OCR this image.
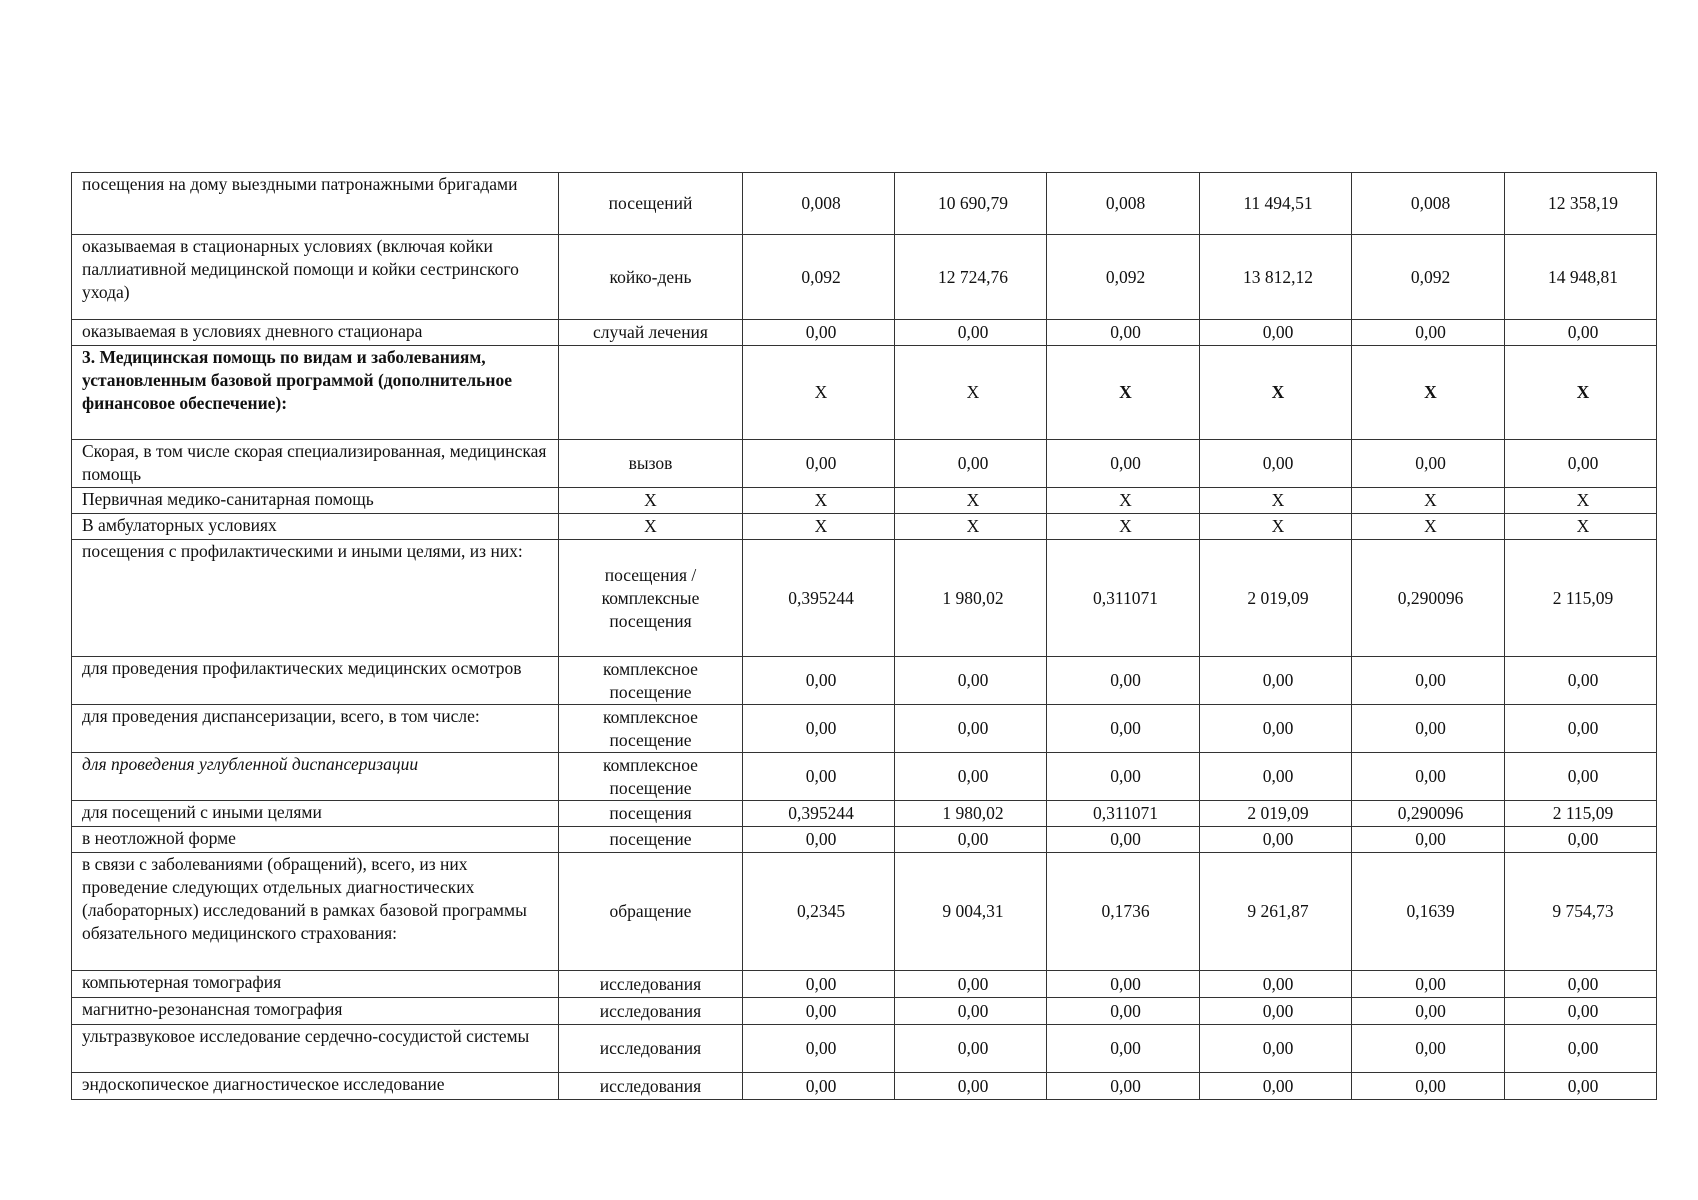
посещения на дому выездными патронажными бригадами	посещений	0,008	10 690,79	0,008	11 494,51	0,008	12 358,19
оказываемая в стационарных условиях (включая койки паллиативной медицинской помощи и койки сестринского ухода)	койко-день	0,092	12 724,76	0,092	13 812,12	0,092	14 948,81
оказываемая в условиях дневного стационара	случай лечения	0,00	0,00	0,00	0,00	0,00	0,00
3. Медицинская помощь по видам и заболеваниям, установленным базовой программой (дополнительное финансовое обеспечение):		Х	Х	Х	Х	Х	Х
Скорая, в том числе скорая специализированная, медицинская помощь	вызов	0,00	0,00	0,00	0,00	0,00	0,00
Первичная медико-санитарная помощь	Х	Х	Х	Х	Х	Х	Х
В амбулаторных условиях	Х	Х	Х	Х	Х	Х	Х
посещения с профилактическими и иными целями, из них:	посещения / комплексные посещения	0,395244	1 980,02	0,311071	2 019,09	0,290096	2 115,09
для проведения профилактических медицинских осмотров	комплексное посещение	0,00	0,00	0,00	0,00	0,00	0,00
для проведения диспансеризации, всего, в том числе:	комплексное посещение	0,00	0,00	0,00	0,00	0,00	0,00
для проведения углубленной диспансеризации	комплексное посещение	0,00	0,00	0,00	0,00	0,00	0,00
для посещений с иными целями	посещения	0,395244	1 980,02	0,311071	2 019,09	0,290096	2 115,09
в неотложной форме	посещение	0,00	0,00	0,00	0,00	0,00	0,00
в связи с заболеваниями (обращений), всего, из них проведение следующих отдельных диагностических (лабораторных) исследований в рамках базовой программы обязательного медицинского страхования:	обращение	0,2345	9 004,31	0,1736	9 261,87	0,1639	9 754,73
компьютерная томография	исследования	0,00	0,00	0,00	0,00	0,00	0,00
магнитно-резонансная томография	исследования	0,00	0,00	0,00	0,00	0,00	0,00
ультразвуковое исследование сердечно-сосудистой системы	исследования	0,00	0,00	0,00	0,00	0,00	0,00
эндоскопическое диагностическое исследование	исследования	0,00	0,00	0,00	0,00	0,00	0,00
